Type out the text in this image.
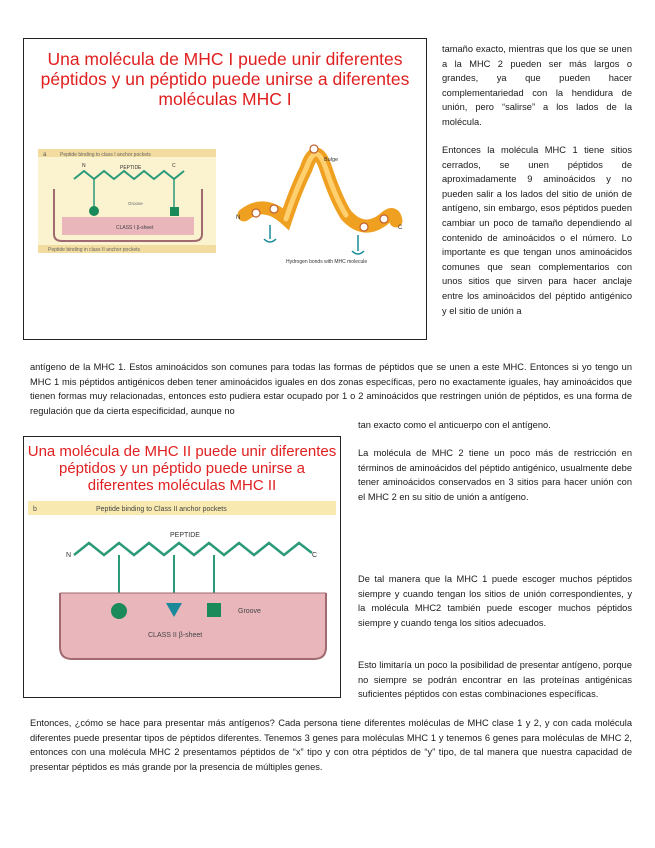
Una molécula de MHC I puede unir diferentes péptidos y un péptido puede unirse a diferentes moléculas MHC I
a	Peptide binding to class I anchor pockets
PEPTIDE
N	C
Groove
CLASS I β-sheet
Peptide binding in class II anchor pockets
N
C
Bulge
Hydrogen bonds with MHC molecule
Una molécula de MHC II puede unir diferentes péptidos y un péptido puede unirse a diferentes moléculas MHC II
b	Peptide binding to Class II anchor pockets
PEPTIDE
N	C
Groove
CLASS II β-sheet
tamaño exacto, mientras que los que se unen a la MHC 2 pueden ser más largos o grandes, ya que pueden hacer complementariedad con la hendidura de unión, pero “salirse” a los lados de la molécula.
Entonces la molécula MHC 1 tiene sitios cerrados, se unen péptidos de aproximadamente 9 aminoácidos y no pueden salir a los lados del sitio de unión de antígeno, sin embargo, esos péptidos pueden cambiar un poco de tamaño dependiendo al contenido de aminoácidos o el número. Lo importante es que tengan unos aminoácidos comunes que sean complementarios con unos sitios que sirven para hacer anclaje entre los aminoácidos del péptido antigénico y el sitio de unión a
antígeno de la MHC 1. Estos aminoácidos son comunes para todas las formas de péptidos que se unen a este MHC. Entonces si yo tengo un MHC 1 mis péptidos antigénicos deben tener aminoácidos iguales en dos zonas específicas, pero no exactamente iguales, hay aminoácidos que tienen formas muy relacionadas, entonces esto pudiera estar ocupado por 1 o 2 aminoácidos que restringen unión de péptidos, es una forma de regulación que da cierta especificidad, aunque no
tan exacto como el anticuerpo con el antígeno.
La molécula de MHC 2 tiene un poco más de restricción en términos de aminoácidos del péptido antigénico, usualmente debe tener aminoácidos conservados en 3 sitios para hacer unión con el MHC 2 en su sitio de unión a antígeno.
De tal manera que la MHC 1 puede escoger muchos péptidos siempre y cuando tengan los sitios de unión correspondientes, y la molécula MHC2 también puede escoger muchos péptidos siempre y cuando tenga los sitios adecuados.
Esto limitaría un poco la posibilidad de presentar antígeno, porque no siempre se podrán encontrar en las proteínas antigénicas suficientes péptidos con estas combinaciones específicas.
Entonces, ¿cómo se hace para presentar más antígenos? Cada persona tiene diferentes moléculas de MHC clase 1 y 2, y con cada molécula diferentes puede presentar tipos de péptidos diferentes. Tenemos 3 genes para moléculas MHC 1 y tenemos 6 genes para moléculas de MHC 2, entonces con una molécula MHC 2 presentamos péptidos de “x” tipo y con otra péptidos de “y” tipo, de tal manera que nuestra capacidad de presentar péptidos es más grande por la presencia de múltiples genes.
